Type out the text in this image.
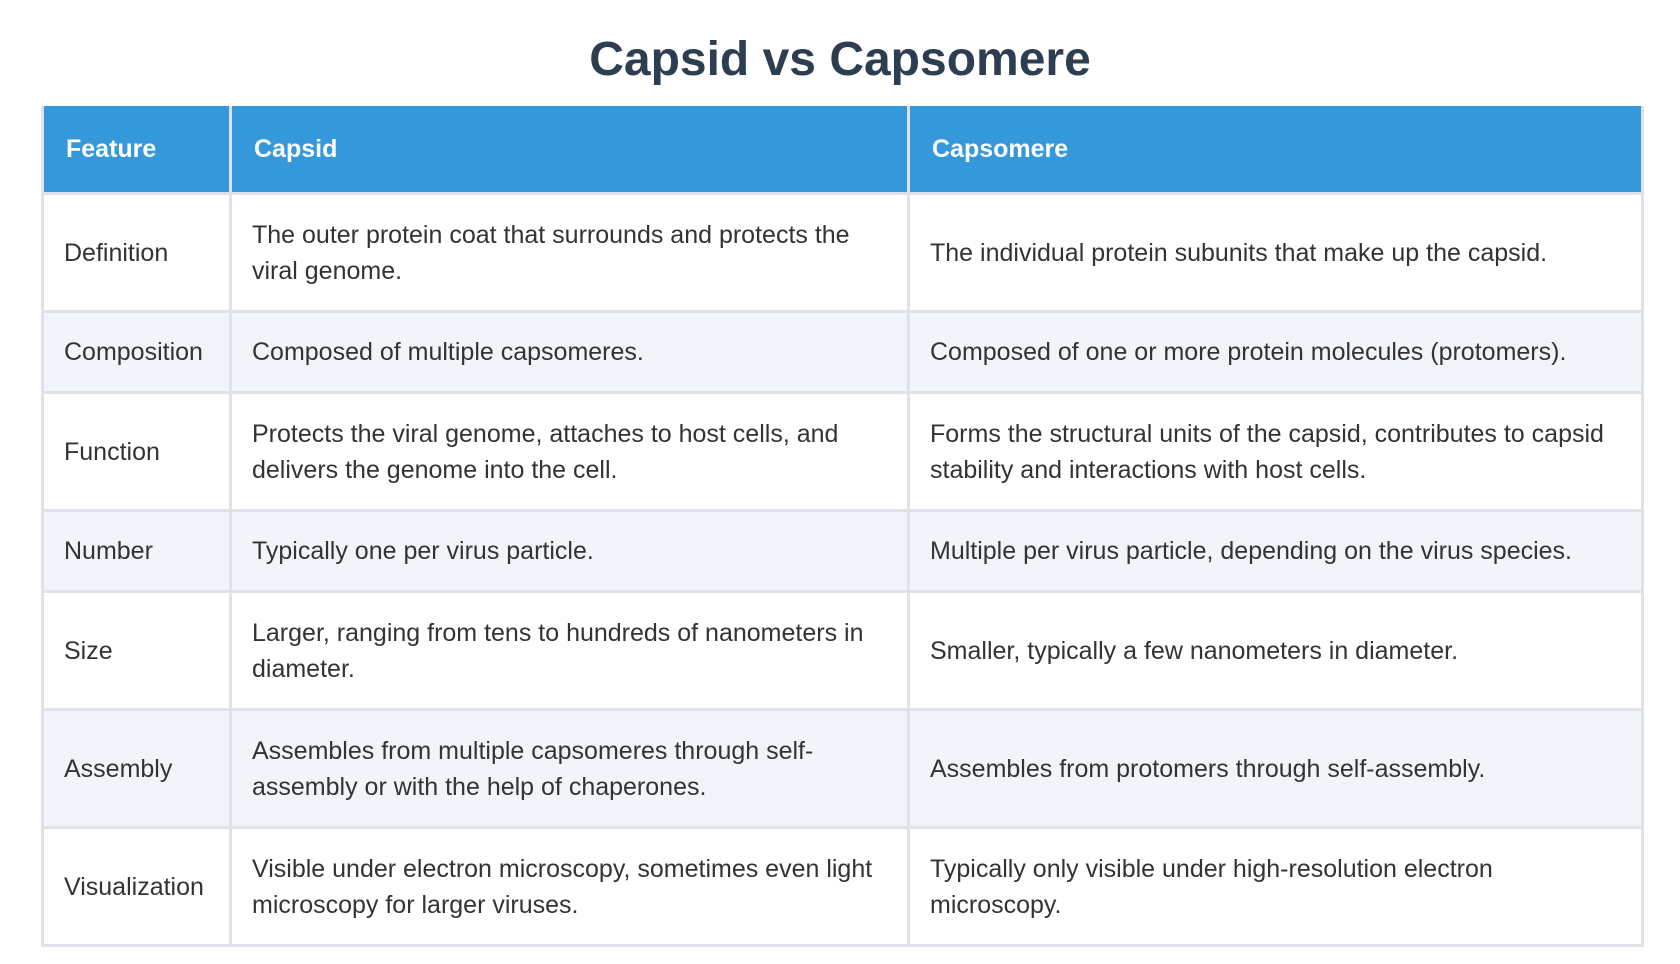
Capsid vs Capsomere
Feature	Capsid	Capsomere
Definition	The outer protein coat that surrounds and protects the viral genome.	The individual protein subunits that make up the capsid.
Composition	Composed of multiple capsomeres.	Composed of one or more protein molecules (protomers).
Function	Protects the viral genome, attaches to host cells, and delivers the genome into the cell.	Forms the structural units of the capsid, contributes to capsid stability and interactions with host cells.
Number	Typically one per virus particle.	Multiple per virus particle, depending on the virus species.
Size	Larger, ranging from tens to hundreds of nanometers in diameter.	Smaller, typically a few nanometers in diameter.
Assembly	Assembles from multiple capsomeres through self-assembly or with the help of chaperones.	Assembles from protomers through self-assembly.
Visualization	Visible under electron microscopy, sometimes even light microscopy for larger viruses.	Typically only visible under high-resolution electron microscopy.
